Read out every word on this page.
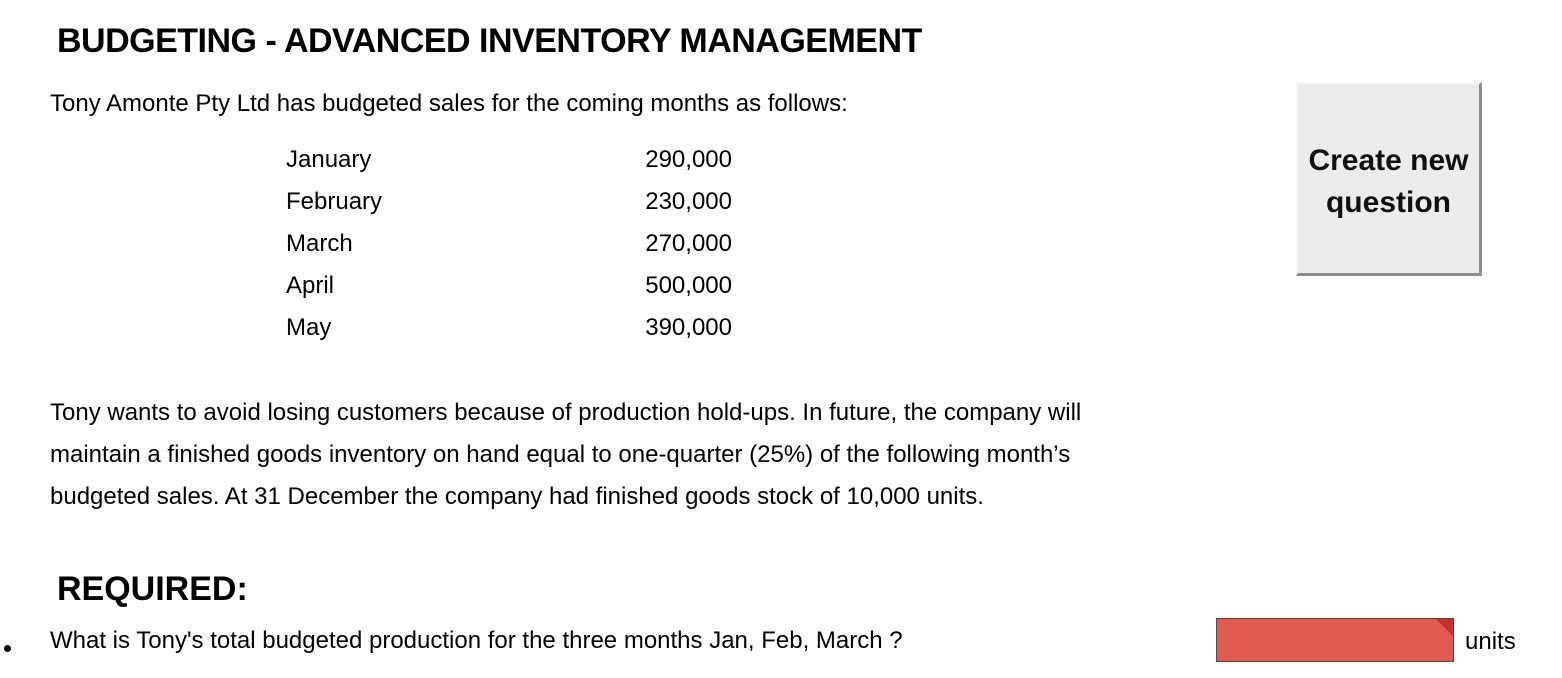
BUDGETING - ADVANCED INVENTORY MANAGEMENT
Tony Amonte Pty Ltd has budgeted sales for the coming months as follows:
January	290,000
February	230,000
March	270,000
April	500,000
May	390,000
Tony wants to avoid losing customers because of production hold-ups. In future, the company will
maintain a finished goods inventory on hand equal to one-quarter (25%) of the following month’s
budgeted sales. At 31 December the company had finished goods stock of 10,000 units.
REQUIRED:
What is Tony's total budgeted production for the three months Jan, Feb, March ?
Create new
question
units
